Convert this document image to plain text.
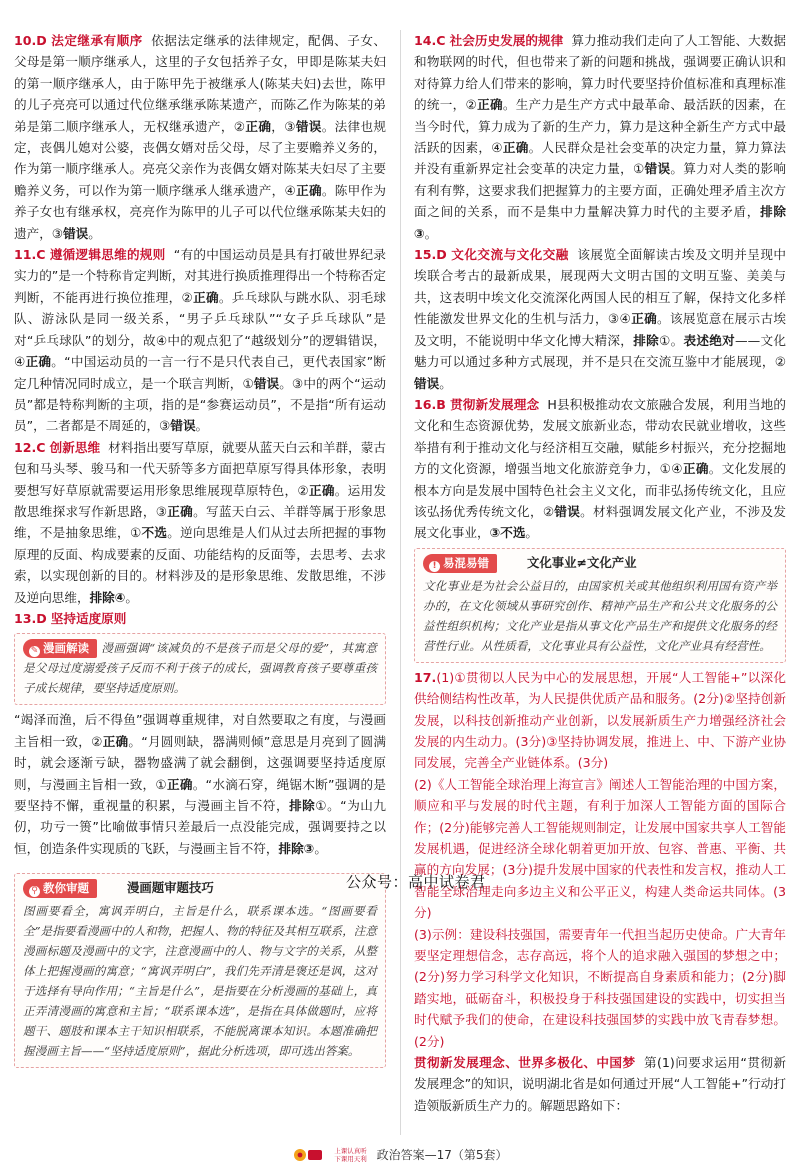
10.D 法定继承有顺序 依据法定继承的法律规定，配偶、子女、父母是第一顺序继承人，这里的子女包括养子女，甲即是陈某夫妇的第一顺序继承人，由于陈甲先于被继承人(陈某夫妇)去世，陈甲的儿子亮亮可以通过代位继承继承陈某遗产，而陈乙作为陈某的弟弟是第二顺序继承人，无权继承遗产，②正确，③错误。法律也规定，丧偶儿媳对公婆，丧偶女婿对岳父母，尽了主要赡养义务的，作为第一顺序继承人。亮亮父亲作为丧偶女婿对陈某夫妇尽了主要赡养义务，可以作为第一顺序继承人继承遗产，④正确。陈甲作为养子女也有继承权，亮亮作为陈甲的儿子可以代位继承陈某夫妇的遗产，③错误。

11.C 遵循逻辑思维的规则 “有的中国运动员是具有打破世界纪录实力的”是一个特称肯定判断，对其进行换质推理得出一个特称否定判断，不能再进行换位推理，②正确。乒乓球队与跳水队、羽毛球队、游泳队是同一级关系，“男子乒乓球队”“女子乒乓球队”是对“乒乓球队”的划分，故④中的观点犯了“越级划分”的逻辑错误，④正确。“中国运动员的一言一行不是只代表自己，更代表国家”断定几种情况同时成立，是一个联言判断，①错误。③中的两个“运动员”都是特称判断的主项，指的是“参赛运动员”，不是指“所有运动员”，二者都是不周延的，③错误。

12.C 创新思维 材料指出要写草原，就要从蓝天白云和羊群，蒙古包和马头琴、骏马和一代天骄等多方面把草原写得具体形象，表明要想写好草原就需要运用形象思维展现草原特色，②正确。运用发散思维探求写作新思路，③正确。写蓝天白云、羊群等属于形象思维，不是抽象思维，①不选。逆向思维是人们从过去所把握的事物原理的反面、构成要素的反面、功能结构的反面等，去思考、去求索，以实现创新的目的。材料涉及的是形象思维、发散思维，不涉及逆向思维，排除④。

13.D 坚持适度原则

✎ 漫画解读 漫画强调“该减负的不是孩子而是父母的爱”，其寓意是父母过度溺爱孩子反而不利于孩子的成长，强调教育孩子要尊重孩子成长规律，要坚持适度原则。

“竭泽而渔，后不得鱼”强调尊重规律，对自然要取之有度，与漫画主旨相一致，②正确。“月圆则缺，器满则倾”意思是月亮到了圆满时，就会逐渐亏缺，器物盛满了就会翻倒，这强调要坚持适度原则，与漫画主旨相一致，①正确。“水滴石穿，绳锯木断”强调的是要坚持不懈，重视量的积累，与漫画主旨不符，排除①。“为山九仞，功亏一篑”比喻做事情只差最后一点没能完成，强调要持之以恒，创造条件实现质的飞跃，与漫画主旨不符，排除③。

⚲ 教你审题	漫画题审题技巧
图画要看全，寓讽弄明白，主旨是什么，联系课本选。“图画要看全”是指要看漫画中的人和物，把握人、物的特征及其相互联系，注意漫画标题及漫画中的文字，注意漫画中的人、物与文字的关系，从整体上把握漫画的寓意；“寓讽弄明白”，我们先弄清是褒还是讽，这对于选择有导向作用；“主旨是什么”，是指要在分析漫画的基础上，真正弄清漫画的寓意和主旨；“联系课本选”，是指在具体做题时，应将题干、题肢和课本主干知识相联系，不能脱离课本知识。本题准确把握漫画主旨——“坚持适度原则”，据此分析选项，即可选出答案。

14.C 社会历史发展的规律 算力推动我们走向了人工智能、大数据和物联网的时代，但也带来了新的问题和挑战，强调要正确认识和对待算力给人们带来的影响，算力时代要坚持价值标准和真理标准的统一，②正确。生产力是生产方式中最革命、最活跃的因素，在当今时代，算力成为了新的生产力，算力是这种全新生产方式中最活跃的因素，④正确。人民群众是社会变革的决定力量，算力算法并没有重新界定社会变革的决定力量，①错误。算力对人类的影响有利有弊，这要求我们把握算力的主要方面，正确处理矛盾主次方面之间的关系，而不是集中力量解决算力时代的主要矛盾，排除③。

15.D 文化交流与文化交融 该展览全面解读古埃及文明并呈现中埃联合考古的最新成果，展现两大文明古国的文明互鉴、美美与共，这表明中埃文化交流深化两国人民的相互了解，保持文化多样性能激发世界文化的生机与活力，③④正确。该展览意在展示古埃及文明，不能说明中华文化博大精深，排除①。表述绝对——文化魅力可以通过多种方式展现，并不是只在交流互鉴中才能展现，②错误。

16.B 贯彻新发展理念 H县积极推动农文旅融合发展，利用当地的文化和生态资源优势，发展文旅新业态，带动农民就业增收，这些举措有利于推动文化与经济相互交融，赋能乡村振兴，充分挖掘地方的文化资源，增强当地文化旅游竞争力，①④正确。文化发展的根本方向是发展中国特色社会主义文化，而非弘扬传统文化，且应该弘扬优秀传统文化，②错误。材料强调发展文化产业，不涉及发展文化事业，③不选。

! 易混易错	文化事业≠文化产业
文化事业是为社会公益目的，由国家机关或其他组织利用国有资产举办的，在文化领域从事研究创作、精神产品生产和公共文化服务的公益性组织机构；文化产业是指从事文化产品生产和提供文化服务的经营性行业。从性质看，文化事业具有公益性，文化产业具有经营性。

17.(1)①贯彻以人民为中心的发展思想，开展“人工智能+”以深化供给侧结构性改革，为人民提供优质产品和服务。(2分)②坚持创新发展，以科技创新推动产业创新，以发展新质生产力增强经济社会发展的内生动力。(3分)③坚持协调发展，推进上、中、下游产业协同发展，完善全产业链体系。(3分)

(2)《人工智能全球治理上海宣言》阐述人工智能治理的中国方案，顺应和平与发展的时代主题，有利于加深人工智能方面的国际合作；(2分)能够完善人工智能规则制定，让发展中国家共享人工智能发展机遇，促进经济全球化朝着更加开放、包容、普惠、平衡、共赢的方向发展；(3分)提升发展中国家的代表性和发言权，推动人工智能全球治理走向多边主义和公平正义，构建人类命运共同体。(3分)

(3)示例：建设科技强国，需要青年一代担当起历史使命。广大青年要坚定理想信念，志存高远，将个人的追求融入强国的梦想之中；(2分)努力学习科学文化知识，不断提高自身素质和能力；(2分)脚踏实地，砥砺奋斗，积极投身于科技强国建设的实践中，切实担当时代赋予我们的使命，在建设科技强国梦的实践中放飞青春梦想。(2分)

贯彻新发展理念、世界多极化、中国梦 第(1)问要求运用“贯彻新发展理念”的知识，说明湖北省是如何通过开展“人工智能+”行动打造领版新质生产力的。解题思路如下：

公众号：高中试卷君
上课认真听
下课用天利 政治答案—17（第5套）
